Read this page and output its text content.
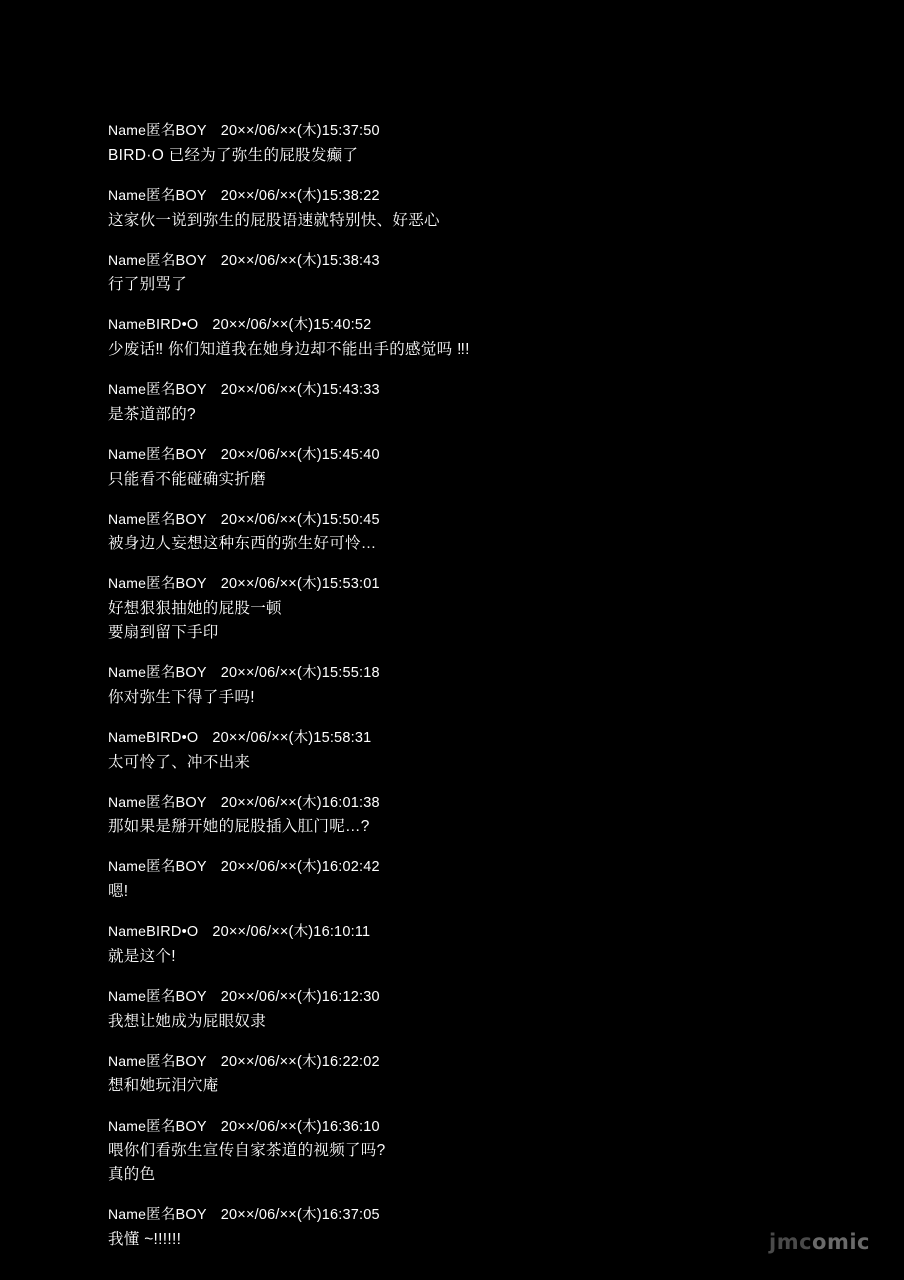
Name匿名BOY 20××/06/××(木)15:37:50
BIRD·O 已经为了弥生的屁股发癫了
Name匿名BOY 20××/06/××(木)15:38:22
这家伙一说到弥生的屁股语速就特别快、好恶心
Name匿名BOY 20××/06/××(木)15:38:43
行了别骂了
NameBIRD•O 20××/06/××(木)15:40:52
少废话‼ 你们知道我在她身边却不能出手的感觉吗 ‼!
Name匿名BOY 20××/06/××(木)15:43:33
是茶道部的?
Name匿名BOY 20××/06/××(木)15:45:40
只能看不能碰确实折磨
Name匿名BOY 20××/06/××(木)15:50:45
被身边人妄想这种东西的弥生好可怜…
Name匿名BOY 20××/06/××(木)15:53:01
好想狠狠抽她的屁股一顿
要扇到留下手印
Name匿名BOY 20××/06/××(木)15:55:18
你对弥生下得了手吗!
NameBIRD•O 20××/06/××(木)15:58:31
太可怜了、冲不出来
Name匿名BOY 20××/06/××(木)16:01:38
那如果是掰开她的屁股插入肛门呢…?
Name匿名BOY 20××/06/××(木)16:02:42
嗯!
NameBIRD•O 20××/06/××(木)16:10:11
就是这个!
Name匿名BOY 20××/06/××(木)16:12:30
我想让她成为屁眼奴隶
Name匿名BOY 20××/06/××(木)16:22:02
想和她玩泪穴庵
Name匿名BOY 20××/06/××(木)16:36:10
喂你们看弥生宣传自家茶道的视频了吗?
真的色
Name匿名BOY 20××/06/××(木)16:37:05
我懂 ~!!!!!!	jmcomic
